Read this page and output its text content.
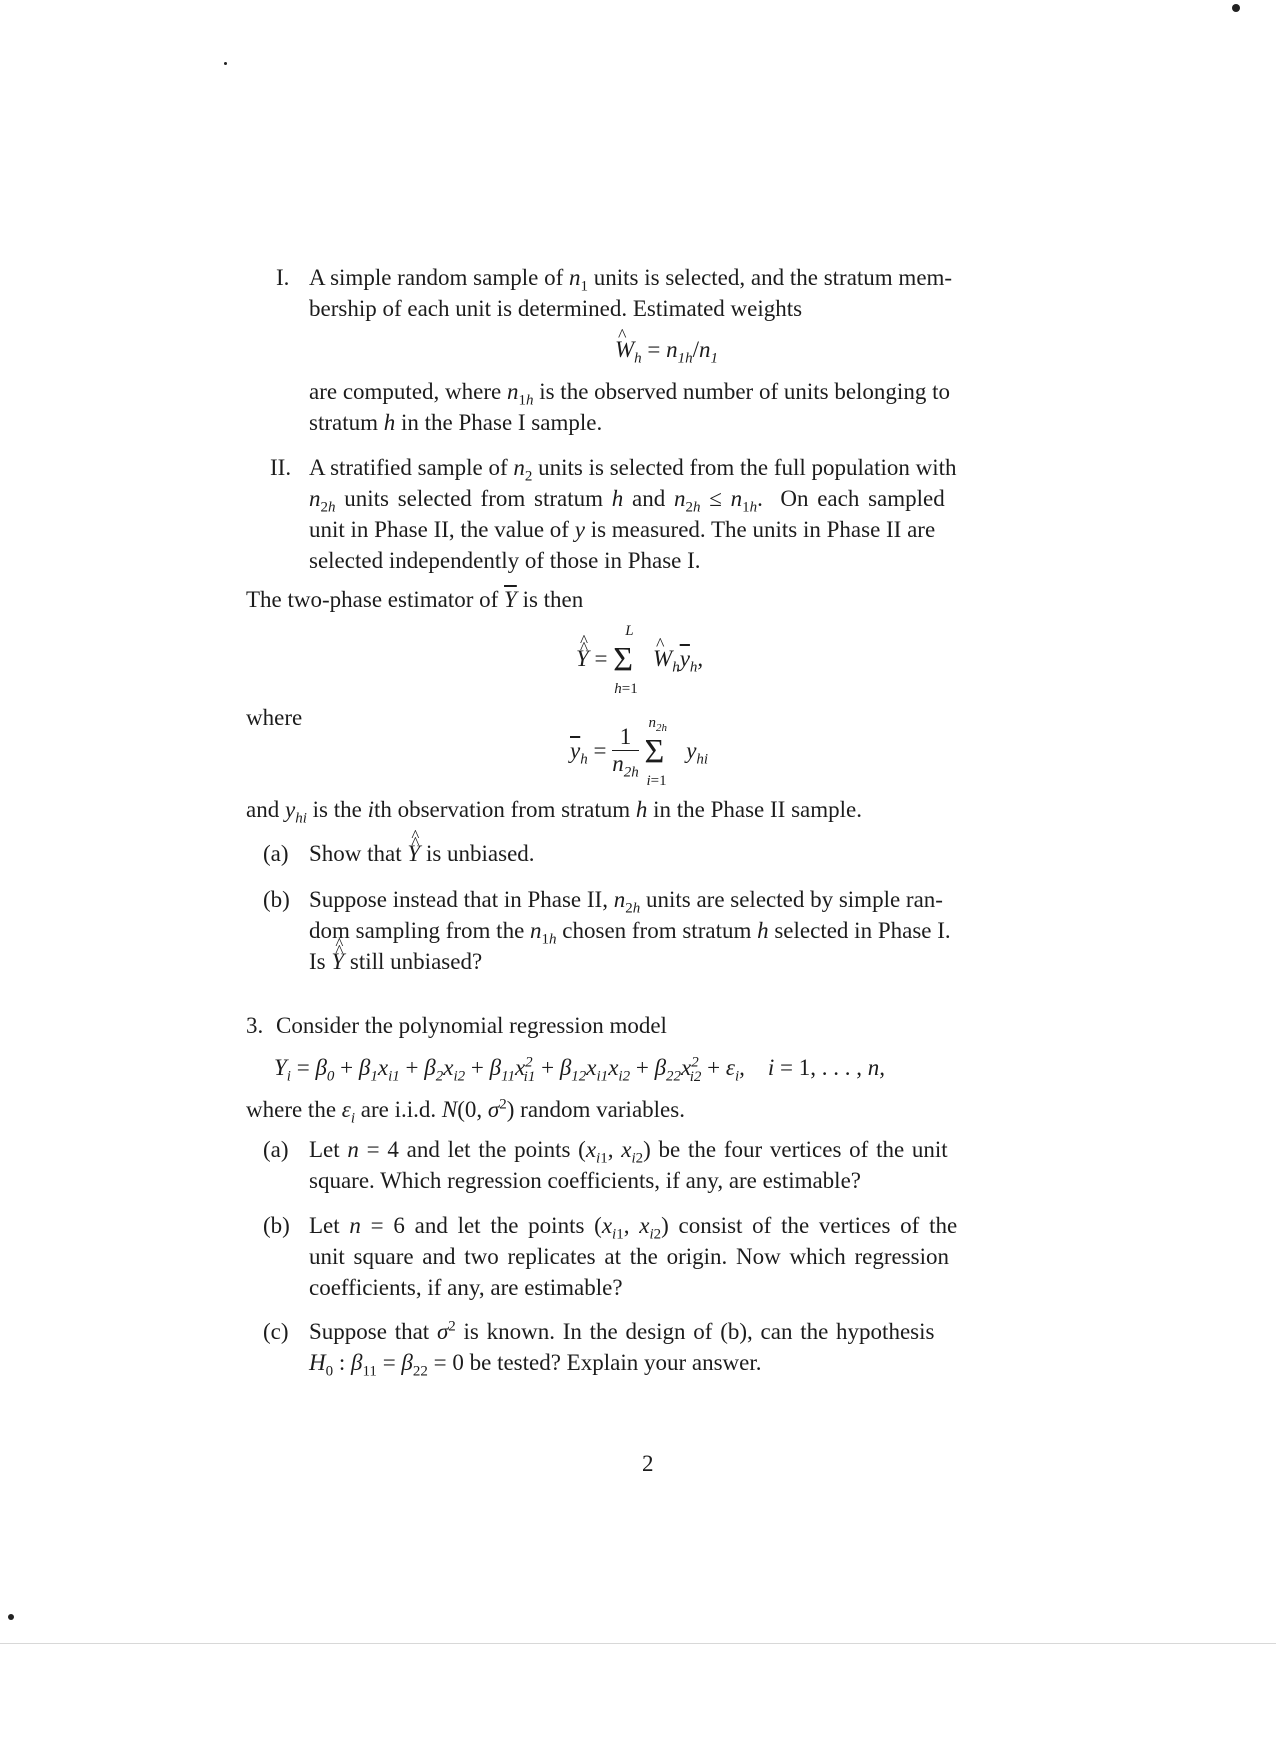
I. A simple random sample of $n_1$ units is selected, and the stratum mem-
bership of each unit is determined. Estimated weights
^ $W_h = n_{1h}/n_1$
are computed, where $n_{1h}$ is the observed number of units belonging to
stratum h in the Phase I sample.
II. A stratified sample of $n_2$ units is selected from the full population with
$n_{2h}$ units selected from stratum h and $n_{2h} \le n_{1h}$.  On each sampled
unit in Phase II, the value of y is measured. The units in Phase II are
selected independently of those in Phase I.
The two-phase estimator of $\overline{Y}$ is then
^ Y ^ = Σ
L
h=1
^ $W_h\overline{y}_h$,
where
$\overline{y}_h = \frac{1}{n_{2h}}$ Σ
$n_{2h}$
i=1
$y_{hi}$
and $y_{hi}$ is the ith observation from stratum h in the Phase II sample.
(a) Show that ^ Y ^ is unbiased.
(b) Suppose instead that in Phase II, $n_{2h}$ units are selected by simple ran-
dom sampling from the $n_{1h}$ chosen from stratum h selected in Phase I.
Is ^ Y ^ still unbiased?
3. Consider the polynomial regression model
$Y_i = \beta_0 + \beta_1x_{i1} + \beta_2x_{i2} + \beta_{11}x^2_{i1} + \beta_{12}x_{i1}x_{i2} + \beta_{22}x^2_{i2} + \varepsilon_i$,    i = 1, . . . , n,
where the $\varepsilon_i$ are i.i.d. N(0, $\sigma^2$) random variables.
(a) Let n = 4 and let the points ($x_{i1}$, $x_{i2}$) be the four vertices of the unit
square. Which regression coefficients, if any, are estimable?
(b) Let n = 6 and let the points ($x_{i1}$, $x_{i2}$) consist of the vertices of the
unit square and two replicates at the origin. Now which regression
coefficients, if any, are estimable?
(c) Suppose that $\sigma^2$ is known. In the design of (b), can the hypothesis
$H_0$ : $\beta_{11} = \beta_{22} = 0$ be tested? Explain your answer.
2
